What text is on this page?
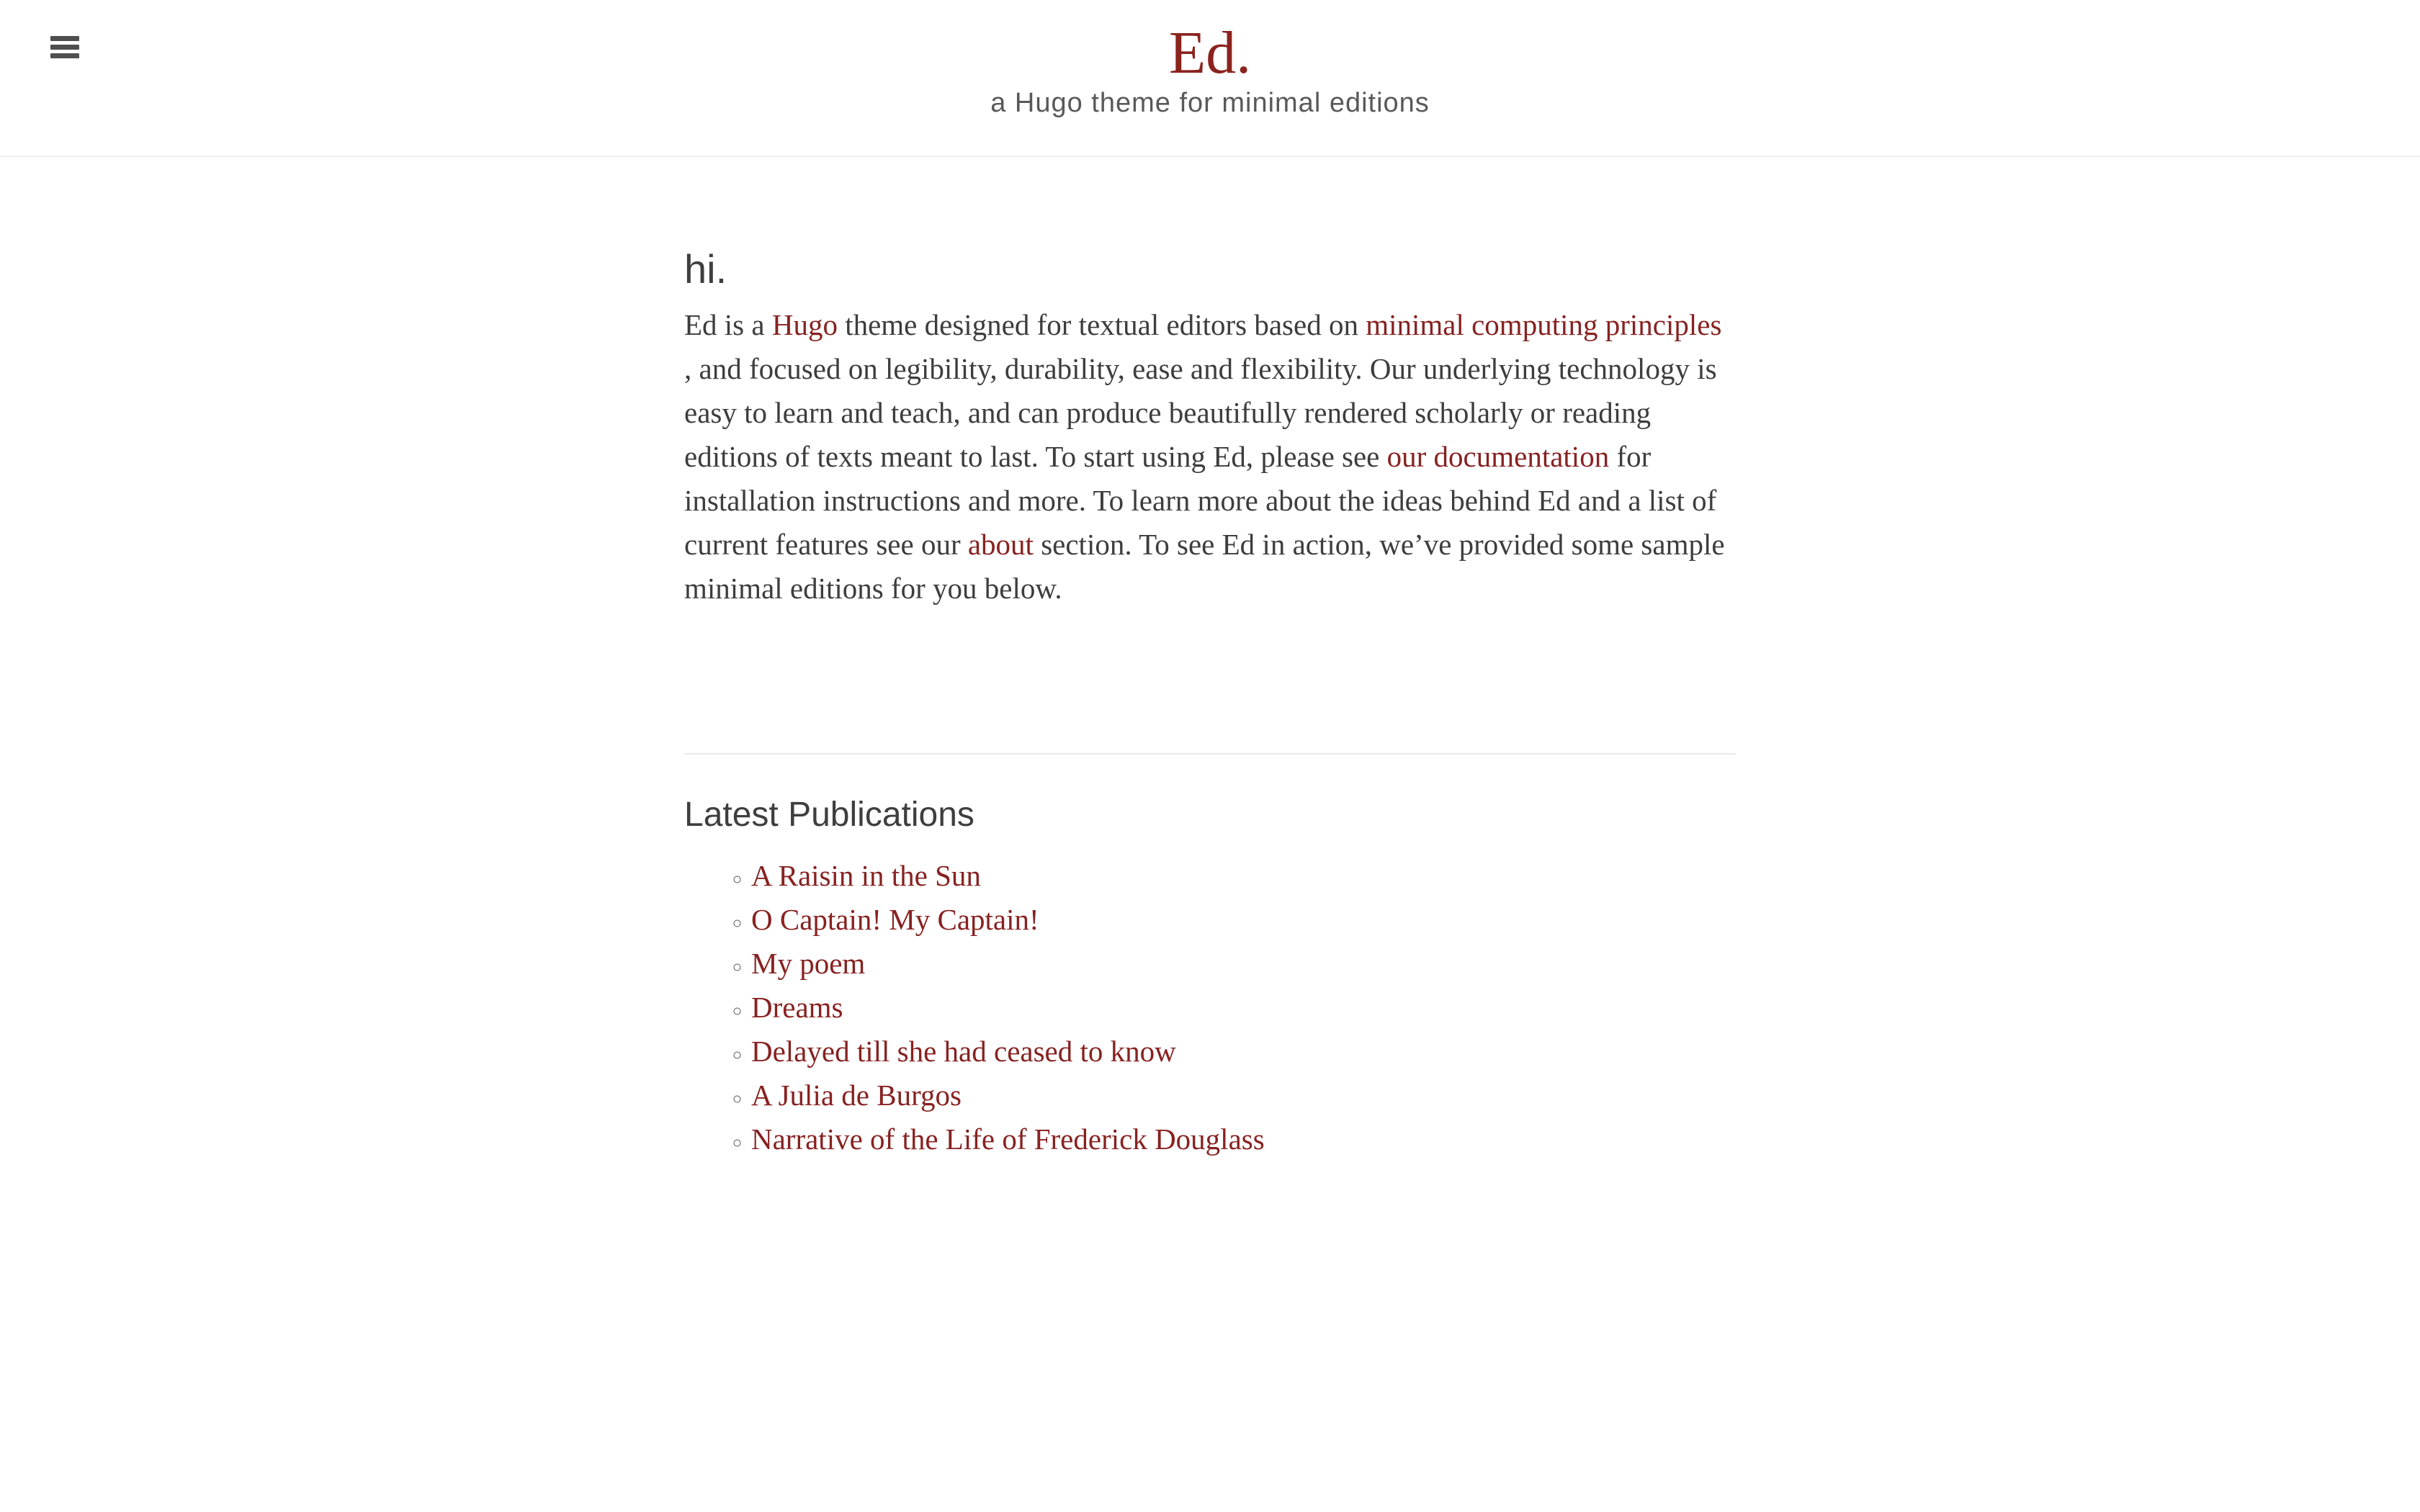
Ed.

a Hugo theme for minimal editions

hi.

Ed is a Hugo theme designed for textual editors based on minimal computing principles , and focused on legibility, durability, ease and flexibility. Our underlying technology is easy to learn and teach, and can produce beautifully rendered scholarly or reading editions of texts meant to last. To start using Ed, please see our documentation for installation instructions and more. To learn more about the ideas behind Ed and a list of current features see our about section. To see Ed in action, we’ve provided some sample minimal editions for you below.

Latest Publications
◦ A Raisin in the Sun
◦ O Captain! My Captain!
◦ My poem
◦ Dreams
◦ Delayed till she had ceased to know
◦ A Julia de Burgos
◦ Narrative of the Life of Frederick Douglass
